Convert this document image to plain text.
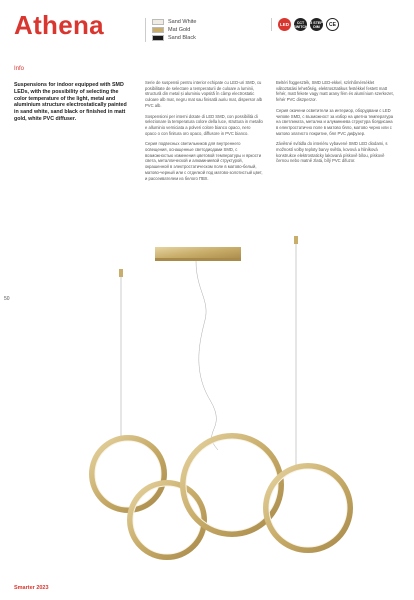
Athena	Sand White
Mat Gold
Sand Black
LED	CCT SWITCH
3 STEP DIM	CE
Info
Suspensions for indoor equipped with SMD LEDs, with the possibility of selecting the color temperature of the light, metal and aluminium structure electrostatically painted in sand white, sand black or finished in matt gold, white PVC diffuser.

Serie de suspensii pentru interior echipate cu LED-uri SMD, cu posibilitate de selectare a temperaturii de culoare a luminii, structură din metal și aluminiu vopsită în câmp electrostatic culoare alb mat, negru mat sau finisată auriu mat, dispersor alb PVC alb.

Sospensioni per interni dotate di LED SMD, con possibilità di selezionare la temperatura colore della luce, struttura in metallo e alluminio verniciata a polveri colore bianco opaco, nero opaco o con finitura oro opaco, diffusore in PVC bianco.

Серия подвесных светильников для внутреннего освещения, оснащенные светодиодами SMD, с возможностью изменения цветовой температуры и яркости света, металлической и алюминиевой структурой, окрашенной в электростатическом поле в матово-белый, матово-черный или с отделкой под матово-золотистый цвет, и рассеивателем из белого ПВХ.

Beltéri függeszték, SMD LED-ekkel, színhőmérséklet változtatási lehetőség, elektrosztatikus festékkel festett matt fehér, matt fekete vagy matt arany fém és alumínium szerkezet, fehér PVC diszperzor.

Серия окачени осветители за интериор, оборудвани с LED чипове SMD, с възможност за избор на цветна температура на светлината, метална и алуминиева структура боядисана в електростатично поле в матово бяло, матово черно или с матово златисто покритие, бял PVC дифузер.

Závěsné svítidla do interiéru vybavené SMD LED diodami, s možností volby teploty barvy světla, kovová a hliníková konstrukce elektrostaticky lakovaná pískově bílou, pískově černou nebo matně zlatá, bílý PVC difuzor.

50
Smarter 2023
